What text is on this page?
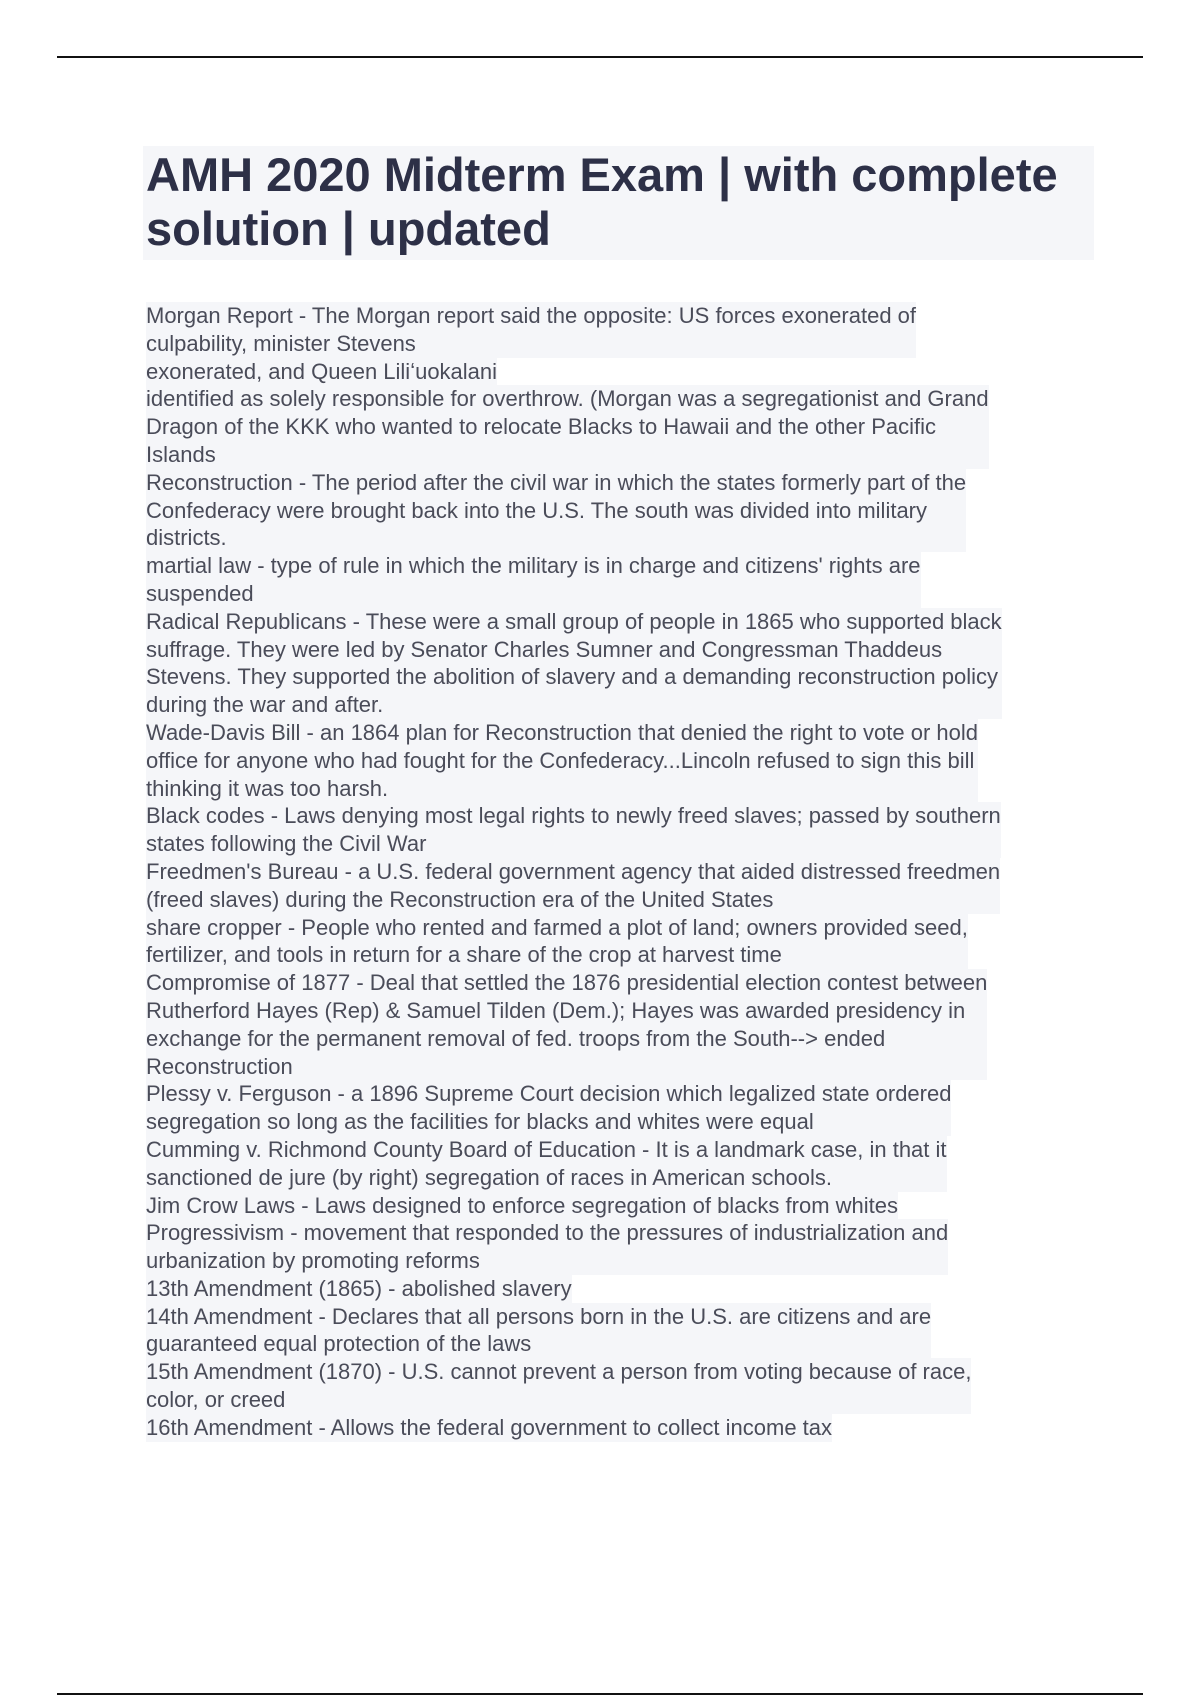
AMH 2020 Midterm Exam | with complete solution | updated
Morgan Report - The Morgan report said the opposite: US forces exonerated of
culpability, minister Stevens
exonerated, and Queen Liliʻuokalani
identified as solely responsible for overthrow. (Morgan was a segregationist and Grand
Dragon of the KKK who wanted to relocate Blacks to Hawaii and the other Pacific
Islands
Reconstruction - The period after the civil war in which the states formerly part of the
Confederacy were brought back into the U.S. The south was divided into military
districts.
martial law - type of rule in which the military is in charge and citizens' rights are
suspended
Radical Republicans - These were a small group of people in 1865 who supported black
suffrage. They were led by Senator Charles Sumner and Congressman Thaddeus
Stevens. They supported the abolition of slavery and a demanding reconstruction policy
during the war and after.
Wade-Davis Bill - an 1864 plan for Reconstruction that denied the right to vote or hold
office for anyone who had fought for the Confederacy...Lincoln refused to sign this bill
thinking it was too harsh.
Black codes - Laws denying most legal rights to newly freed slaves; passed by southern
states following the Civil War
Freedmen's Bureau - a U.S. federal government agency that aided distressed freedmen
(freed slaves) during the Reconstruction era of the United States
share cropper - People who rented and farmed a plot of land; owners provided seed,
fertilizer, and tools in return for a share of the crop at harvest time
Compromise of 1877 - Deal that settled the 1876 presidential election contest between
Rutherford Hayes (Rep) & Samuel Tilden (Dem.); Hayes was awarded presidency in
exchange for the permanent removal of fed. troops from the South--> ended
Reconstruction
Plessy v. Ferguson - a 1896 Supreme Court decision which legalized state ordered
segregation so long as the facilities for blacks and whites were equal
Cumming v. Richmond County Board of Education - It is a landmark case, in that it
sanctioned de jure (by right) segregation of races in American schools.
Jim Crow Laws - Laws designed to enforce segregation of blacks from whites
Progressivism - movement that responded to the pressures of industrialization and
urbanization by promoting reforms
13th Amendment (1865) - abolished slavery
14th Amendment - Declares that all persons born in the U.S. are citizens and are
guaranteed equal protection of the laws
15th Amendment (1870) - U.S. cannot prevent a person from voting because of race,
color, or creed
16th Amendment - Allows the federal government to collect income tax
